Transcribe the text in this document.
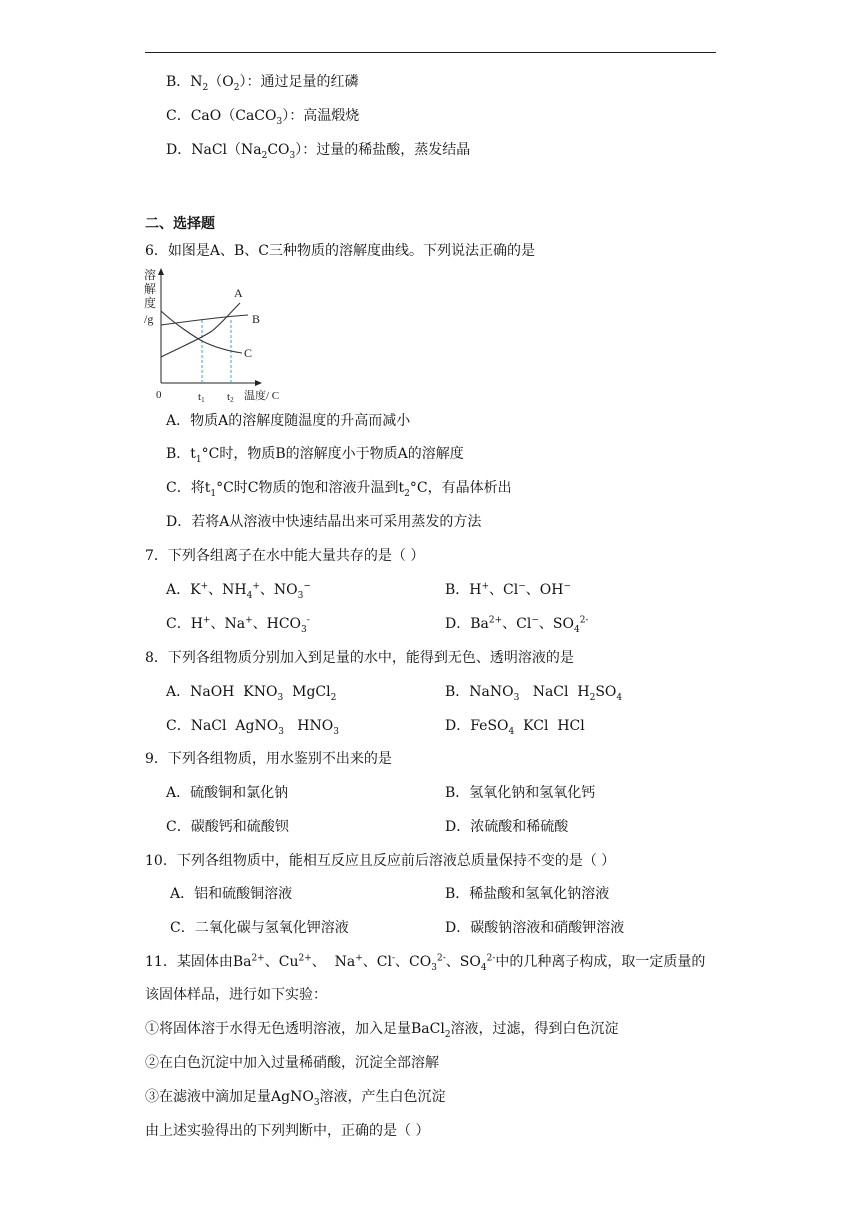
B．$N_2(O_2)$：通过足量的红磷
C．CaO（CaCO$_3$）：高温煅烧
D．$NaCl(Na_2CO_3)$：过量的稀盐酸，蒸发结晶
二、选择题
6．如图是A、B、C三种物质的溶解度曲线。下列说法正确的是
溶
解
度
/g
A
B
C
0	t1 t2 温度/ C
A．物质A的溶解度随温度的升高而减小
B．$t_1^\circ C$时，物质B的溶解度小于物质A的溶解度
C．将$t_1^\circ C$时C物质的饱和溶液升温到$t_2^\circ C$，有晶体析出
D．若将A从溶液中快速结晶出来可采用蒸发的方法
7．下列各组离子在水中能大量共存的是（ ）
A．K+、$NH_4^+$、$NO_3^-$	B．H+、Cl−、OH−
C．H+、Na+、$HCO_3^-$	D．$Ba^{2+}$、Cl−、$SO_4^{2-}$
8．下列各组物质分别加入到足量的水中，能得到无色、透明溶液的是
A．NaOH  $KNO_3$  MgCl$_2$	B．NaNO$_3$   NaCl  $H_2SO_4$
C．NaCl  AgNO$_3$   $HNO_3$	D．FeSO$_4$  KCl  HCl
9．下列各组物质，用水鉴别不出来的是
A．硫酸铜和氯化钠	B．氢氧化钠和氢氧化钙
C．碳酸钙和硫酸钡	D．浓硫酸和稀硫酸
10．下列各组物质中，能相互反应且反应前后溶液总质量保持不变的是（ ）
A．铝和硫酸铜溶液	B．稀盐酸和氢氧化钠溶液
C．二氧化碳与氢氧化钾溶液	D．碳酸钠溶液和硝酸钾溶液
11．某固体由$Ba^{2+}$、$Cu^{2+}$、  Na+、Cl-、$CO_3^{2-}$、$SO_4^{2-}$中的几种离子构成，取一定质量的
该固体样品，进行如下实验：
①将固体溶于水得无色透明溶液，加入足量BaCl$_2$溶液，过滤，得到白色沉淀
②在白色沉淀中加入过量稀硝酸，沉淀全部溶解
③在滤液中滴加足量AgNO$_3$溶液，产生白色沉淀
由上述实验得出的下列判断中，正确的是（ ）
